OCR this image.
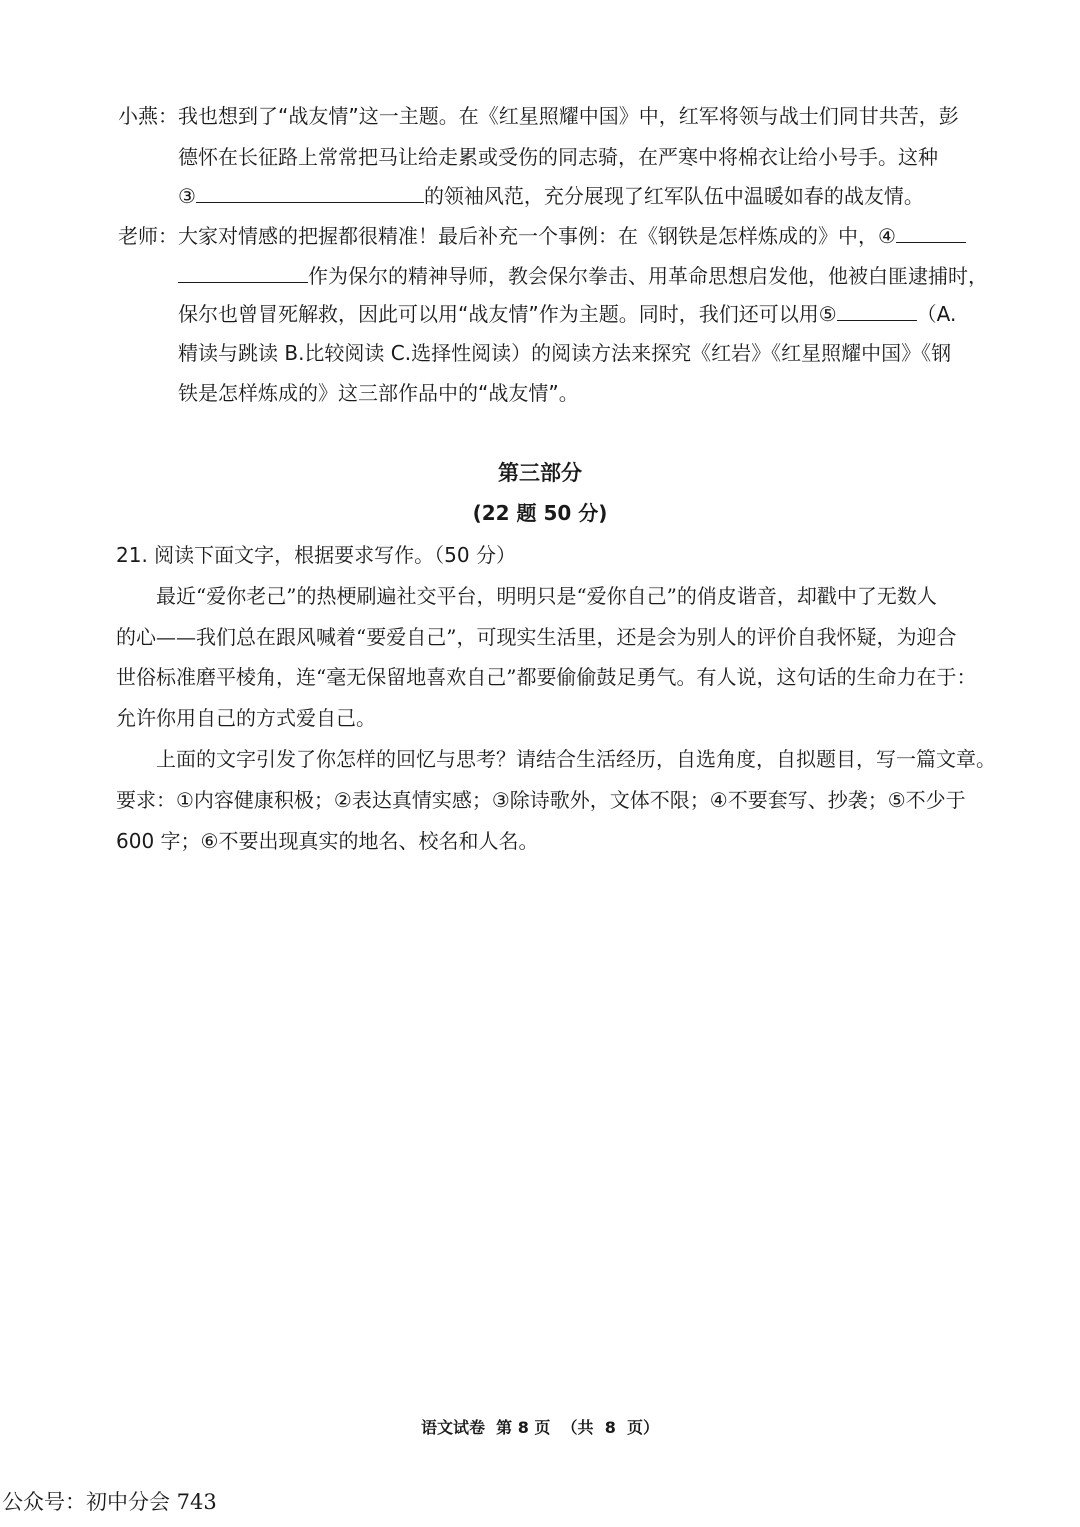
小燕：我也想到了“战友情”这一主题。在《红星照耀中国》中，红军将领与战士们同甘共苦，彭
德怀在长征路上常常把马让给走累或受伤的同志骑，在严寒中将棉衣让给小号手。这种
③	的领袖风范，充分展现了红军队伍中温暖如春的战友情。
老师：大家对情感的把握都很精准！最后补充一个事例：在《钢铁是怎样炼成的》中，④
作为保尔的精神导师，教会保尔拳击、用革命思想启发他，他被白匪逮捕时，
保尔也曾冒死解救，因此可以用“战友情”作为主题。同时，我们还可以用⑤	（A.
精读与跳读 B.比较阅读 C.选择性阅读）的阅读方法来探究《红岩》《红星照耀中国》《钢
铁是怎样炼成的》这三部作品中的“战友情”。
第三部分
(22 题 50 分)
21. 阅读下面文字，根据要求写作。（50 分）
最近“爱你老己”的热梗刷遍社交平台，明明只是“爱你自己”的俏皮谐音，却戳中了无数人
的心——我们总在跟风喊着“要爱自己”，可现实生活里，还是会为别人的评价自我怀疑，为迎合
世俗标准磨平棱角，连“毫无保留地喜欢自己”都要偷偷鼓足勇气。有人说，这句话的生命力在于：
允许你用自己的方式爱自己。
上面的文字引发了你怎样的回忆与思考？请结合生活经历，自选角度，自拟题目，写一篇文章。
要求：①内容健康积极；②表达真情实感；③除诗歌外，文体不限；④不要套写、抄袭；⑤不少于
600 字；⑥不要出现真实的地名、校名和人名。
语文试卷  第 8 页  （共  8  页）
公众号：初中分会 743
